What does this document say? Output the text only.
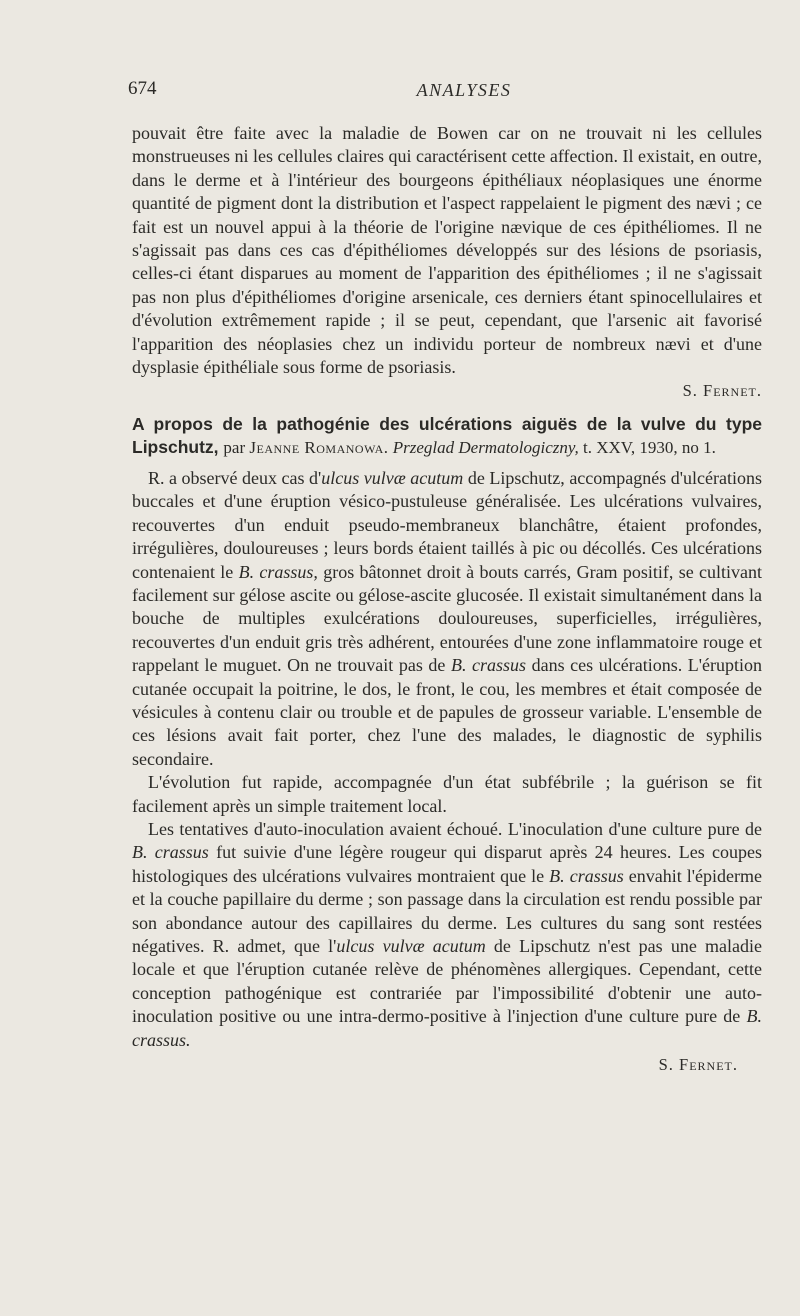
674	ANALYSES

pouvait être faite avec la maladie de Bowen car on ne trouvait ni les cellules monstrueuses ni les cellules claires qui caractérisent cette affection. Il existait, en outre, dans le derme et à l'intérieur des bourgeons épithéliaux néoplasiques une énorme quantité de pigment dont la distribution et l'aspect rappelaient le pigment des nævi ; ce fait est un nouvel appui à la théorie de l'origine nævique de ces épithéliomes. Il ne s'agissait pas dans ces cas d'épithéliomes développés sur des lésions de psoriasis, celles-ci étant disparues au moment de l'apparition des épithéliomes ; il ne s'agissait pas non plus d'épithéliomes d'origine arsenicale, ces derniers étant spinocellulaires et d'évolution extrêmement rapide ; il se peut, cependant, que l'arsenic ait favorisé l'apparition des néoplasies chez un individu porteur de nombreux nævi et d'une dysplasie épithéliale sous forme de psoriasis.

S. Fernet.

A propos de la pathogénie des ulcérations aiguës de la vulve du type Lipschutz, par Jeanne Romanowa. Przeglad Dermatologiczny, t. XXV, 1930, no 1.

R. a observé deux cas d'ulcus vulvæ acutum de Lipschutz, accompagnés d'ulcérations buccales et d'une éruption vésico-pustuleuse généralisée. Les ulcérations vulvaires, recouvertes d'un enduit pseudo-membraneux blanchâtre, étaient profondes, irrégulières, douloureuses ; leurs bords étaient taillés à pic ou décollés. Ces ulcérations contenaient le B. crassus, gros bâtonnet droit à bouts carrés, Gram positif, se cultivant facilement sur gélose ascite ou gélose-ascite glucosée. Il existait simultanément dans la bouche de multiples exulcérations douloureuses, superficielles, irrégulières, recouvertes d'un enduit gris très adhérent, entourées d'une zone inflammatoire rouge et rappelant le muguet. On ne trouvait pas de B. crassus dans ces ulcérations. L'éruption cutanée occupait la poitrine, le dos, le front, le cou, les membres et était composée de vésicules à contenu clair ou trouble et de papules de grosseur variable. L'ensemble de ces lésions avait fait porter, chez l'une des malades, le diagnostic de syphilis secondaire.

L'évolution fut rapide, accompagnée d'un état subfébrile ; la guérison se fit facilement après un simple traitement local.

Les tentatives d'auto-inoculation avaient échoué. L'inoculation d'une culture pure de B. crassus fut suivie d'une légère rougeur qui disparut après 24 heures. Les coupes histologiques des ulcérations vulvaires montraient que le B. crassus envahit l'épiderme et la couche papillaire du derme ; son passage dans la circulation est rendu possible par son abondance autour des capillaires du derme. Les cultures du sang sont restées négatives. R. admet, que l'ulcus vulvæ acutum de Lipschutz n'est pas une maladie locale et que l'éruption cutanée relève de phénomènes allergiques. Cependant, cette conception pathogénique est contrariée par l'impossibilité d'obtenir une auto-inoculation positive ou une intra-dermo-positive à l'injection d'une culture pure de B. crassus.

S. Fernet.
